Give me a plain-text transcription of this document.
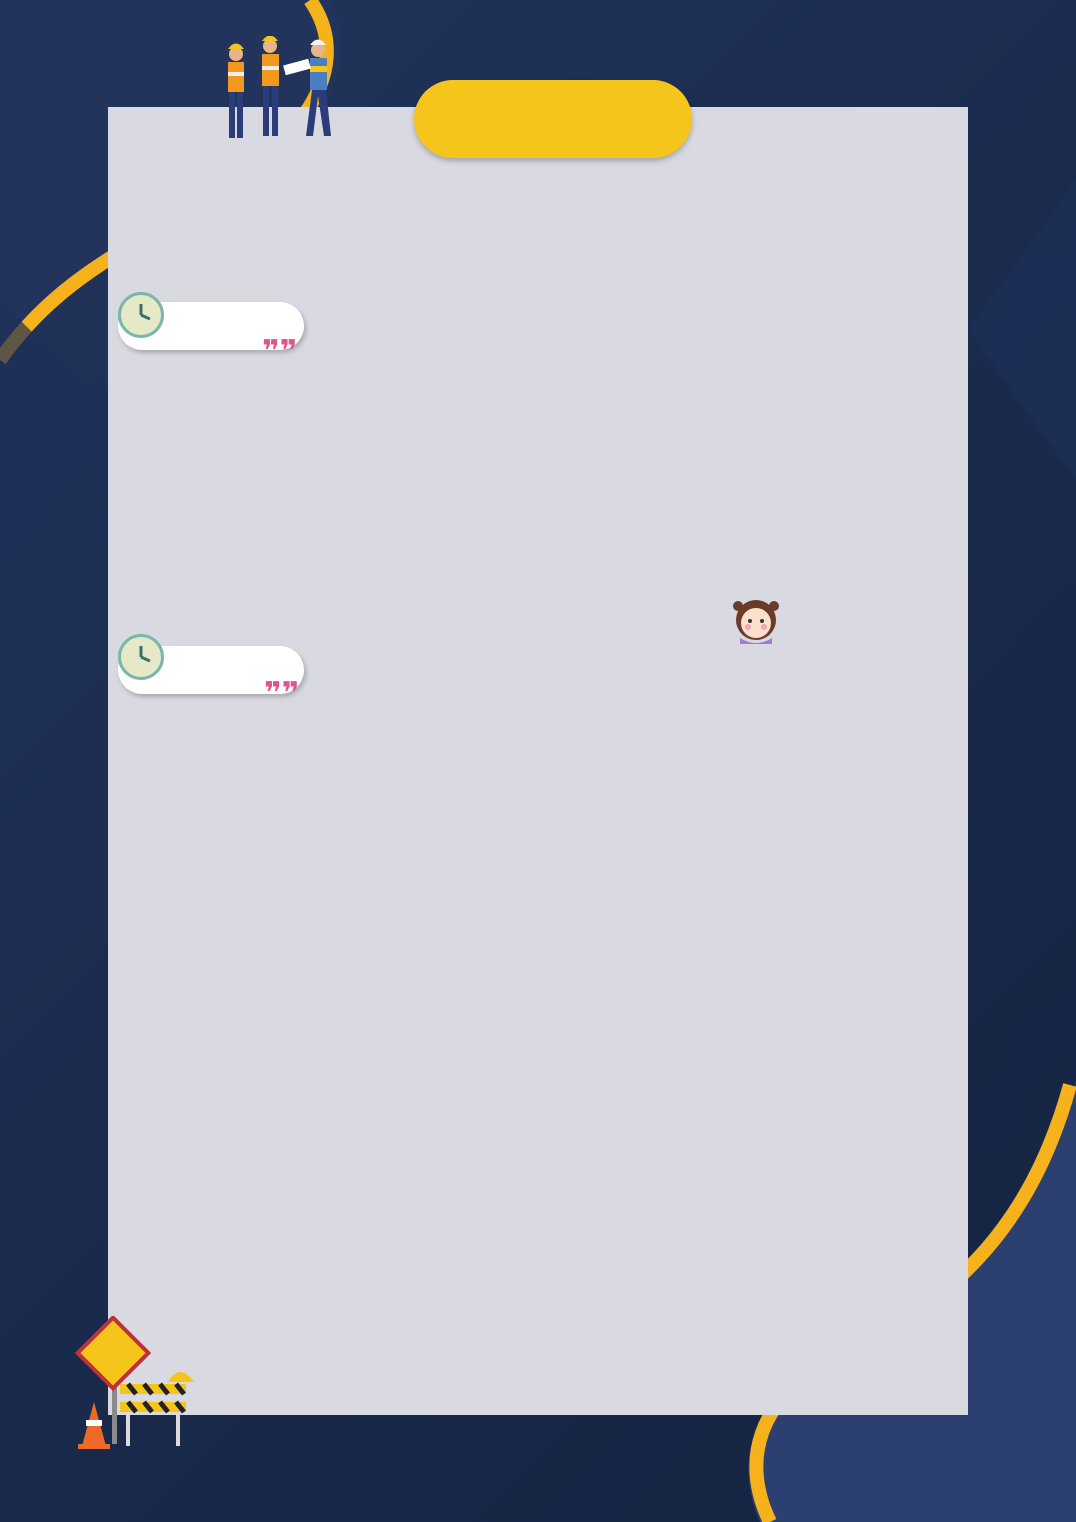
❞❞
❞❞
